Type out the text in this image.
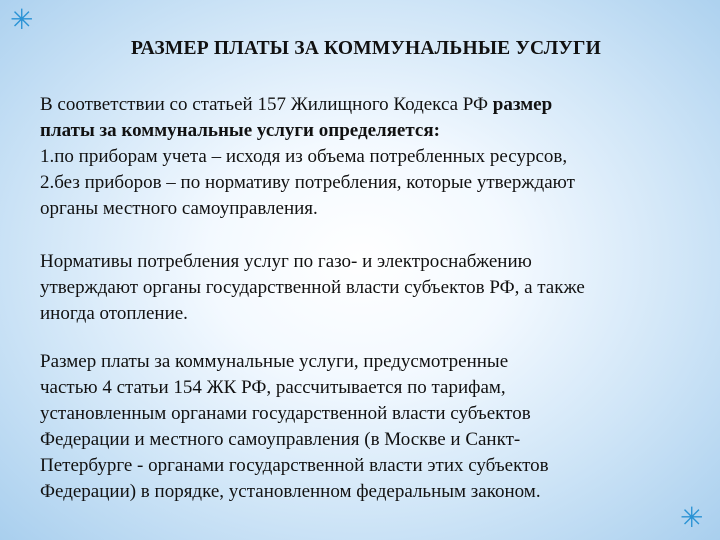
✳
✳
РАЗМЕР ПЛАТЫ ЗА КОММУНАЛЬНЫЕ УСЛУГИ

В соответствии со статьей 157 Жилищного Кодекса РФ размер
платы за коммунальные услуги определяется:
1.по приборам учета – исходя из объема потребленных ресурсов,
2.без приборов – по нормативу потребления, которые утверждают
органы местного самоуправления.

Нормативы потребления услуг по газо- и электроснабжению
утверждают органы государственной власти субъектов РФ, а также
иногда отопление.

Размер платы за коммунальные услуги, предусмотренные
частью 4 статьи 154 ЖК РФ, рассчитывается по тарифам,
установленным органами государственной власти субъектов
Федерации и местного самоуправления (в Москве и Санкт-
Петербурге - органами государственной власти этих субъектов
Федерации) в порядке, установленном федеральным законом.
